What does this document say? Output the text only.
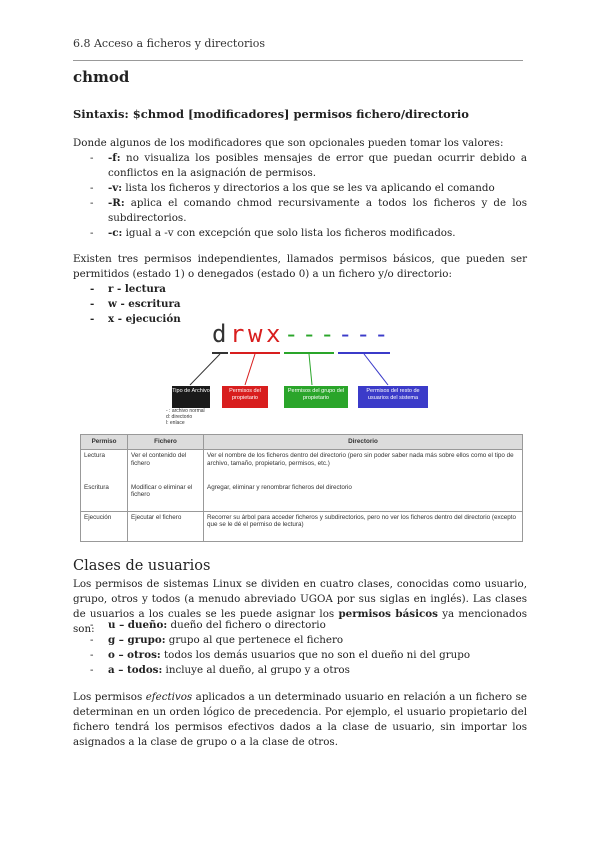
6.8 Acceso a ficheros y directorios
chmod
Sintaxis: $chmod [modificadores] permisos fichero/directorio
Donde algunos de los modificadores que son opcionales pueden tomar los valores:
- -f: no visualiza los posibles mensajes de error que puedan ocurrir debido a conflictos en la asignación de permisos.
- -v: lista los ficheros y directorios a los que se les va aplicando el comando
- -R: aplica el comando chmod recursivamente a todos los ficheros y de los subdirectorios.
- -c: igual a -v con excepción que solo lista los ficheros modificados.
Existen tres permisos independientes, llamados permisos básicos, que pueden ser permitidos (estado 1) o denegados (estado 0) a un fichero y/o directorio:
- r - lectura
- w - escritura
- x - ejecución
d r w x - - - - - -
Tipo de Archivo	Permisos del propietario
Permisos del grupo del propietario
Permisos del resto de usuarios del sistema
- : archivo normal
d: directorio
l: enlace
Permiso	Fichero	Directorio
Lectura	Ver el contenido del fichero	Ver el nombre de los ficheros dentro del directorio (pero sin poder saber nada más sobre ellos como el tipo de archivo, tamaño, propietario, permisos, etc.)
Escritura	Modificar o eliminar el fichero	Agregar, eliminar y renombrar ficheros del directorio
Ejecución	Ejecutar el fichero	Recorrer su árbol para acceder ficheros y subdirectorios, pero no ver los ficheros dentro del directorio (excepto que se le dé el permiso de lectura)
Clases de usuarios
Los permisos de sistemas Linux se dividen en cuatro clases, conocidas como usuario, grupo, otros y todos (a menudo abreviado UGOA por sus siglas en inglés). Las clases de usuarios a los cuales se les puede asignar los permisos básicos ya mencionados son:	- u – dueño: dueño del fichero o directorio
- g – grupo: grupo al que pertenece el fichero
- o – otros: todos los demás usuarios que no son el dueño ni del grupo
- a – todos: incluye al dueño, al grupo y a otros
Los permisos efectivos aplicados a un determinado usuario en relación a un fichero se determinan en un orden lógico de precedencia. Por ejemplo, el usuario propietario del fichero tendrá los permisos efectivos dados a la clase de usuario, sin importar los asignados a la clase de grupo o a la clase de otros.
